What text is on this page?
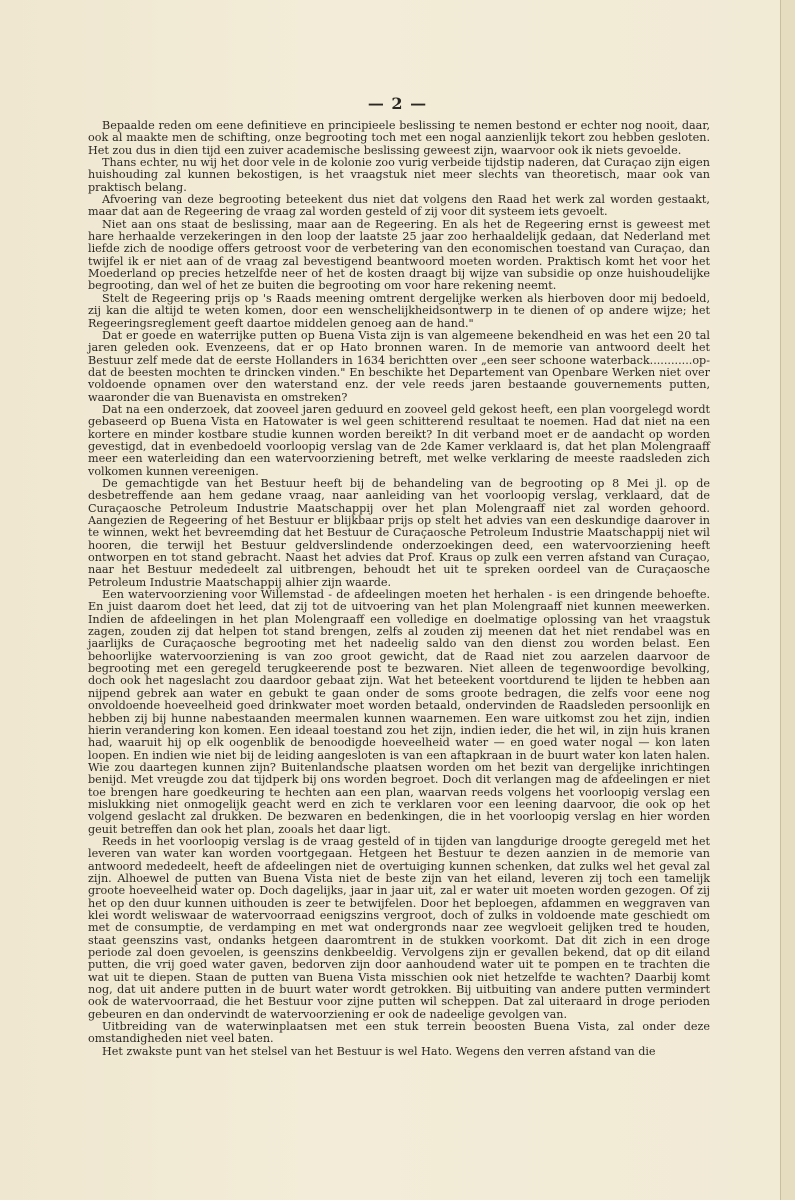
— 2 —

Bepaalde reden om eene definitieve en principieele beslissing te nemen bestond er echter nog nooit, daar, ook al maakte men de schifting, onze begrooting toch met een nogal aanzienlijk tekort zou hebben gesloten. Het zou dus in dien tijd een zuiver academische beslissing geweest zijn, waarvoor ook ik niets gevoelde.

Thans echter, nu wij het door vele in de kolonie zoo vurig verbeide tijdstip naderen, dat Curaçao zijn eigen huishouding zal kunnen bekostigen, is het vraagstuk niet meer slechts van theoretisch, maar ook van praktisch belang.

Afvoering van deze begrooting beteekent dus niet dat volgens den Raad het werk zal worden gestaakt, maar dat aan de Regeering de vraag zal worden gesteld of zij voor dit systeem iets gevoelt.

Niet aan ons staat de beslissing, maar aan de Regeering. En als het de Regeering ernst is geweest met hare herhaalde verzekeringen in den loop der laatste 25 jaar zoo herhaaldelijk gedaan, dat Nederland met liefde zich de noodige offers getroost voor de verbetering van den economischen toestand van Curaçao, dan twijfel ik er niet aan of de vraag zal bevestigend beantwoord moeten worden. Praktisch komt het voor het Moederland op precies hetzelfde neer of het de kosten draagt bij wijze van subsidie op onze huishoudelijke begrooting, dan wel of het ze buiten die begrooting om voor hare rekening neemt.

Stelt de Regeering prijs op 's Raads meening omtrent dergelijke werken als hierboven door mij bedoeld, zij kan die altijd te weten komen, door een wenschelijkheidsontwerp in te dienen of op andere wijze; het Regeeringsreglement geeft daartoe middelen genoeg aan de hand."

Dat er goede en waterrijke putten op Buena Vista zijn is van algemeene bekendheid en was het een 20 tal jaren geleden ook. Evenzeens, dat er op Hato bronnen waren. In de memorie van antwoord deelt het Bestuur zelf mede dat de eerste Hollanders in 1634 berichtten over „een seer schoone waterback............op- dat de beesten mochten te drincken vinden." En beschikte het Departement van Openbare Werken niet over voldoende opnamen over den waterstand enz. der vele reeds jaren bestaande gouvernements putten, waaronder die van Buenavista en omstreken?

Dat na een onderzoek, dat zooveel jaren geduurd en zooveel geld gekost heeft, een plan voorgelegd wordt gebaseerd op Buena Vista en Hatowater is wel geen schitterend resultaat te noemen. Had dat niet na een kortere en minder kostbare studie kunnen worden bereikt? In dit verband moet er de aandacht op worden gevestigd, dat in evenbedoeld voorloopig verslag van de 2de Kamer verklaard is, dat het plan Molengraaff meer een waterleiding dan een watervoorziening betreft, met welke verklaring de meeste raadsleden zich volkomen kunnen vereenigen.

De gemachtigde van het Bestuur heeft bij de behandeling van de begrooting op 8 Mei jl. op de desbetreffende aan hem gedane vraag, naar aanleiding van het voorloopig verslag, verklaard, dat de Curaçaosche Petroleum Industrie Maatschappij over het plan Molengraaff niet zal worden gehoord. Aangezien de Regeering of het Bestuur er blijkbaar prijs op stelt het advies van een deskundige daarover in te winnen, wekt het bevreemding dat het Bestuur de Curaçaosche Petroleum Industrie Maatschappij niet wil hooren, die terwijl het Bestuur geldverslindende onderzoekingen deed, een watervoorziening heeft ontworpen en tot stand gebracht. Naast het advies dat Prof. Kraus op zulk een verren afstand van Curaçao, naar het Bestuur mededeelt zal uitbrengen, behoudt het uit te spreken oordeel van de Curaçaosche Petroleum Industrie Maatschappij alhier zijn waarde.

Een watervoorziening voor Willemstad - de afdeelingen moeten het herhalen - is een dringende behoefte. En juist daarom doet het leed, dat zij tot de uitvoering van het plan Molengraaff niet kunnen meewerken. Indien de afdeelingen in het plan Molengraaff een volledige en doelmatige oplossing van het vraagstuk zagen, zouden zij dat helpen tot stand brengen, zelfs al zouden zij meenen dat het niet rendabel was en jaarlijks de Curaçaosche begrooting met het nadeelig saldo van den dienst zou worden belast. Een behoorlijke watervoorziening is van zoo groot gewicht, dat de Raad niet zou aarzelen daarvoor de begrooting met een geregeld terugkeerende post te bezwaren. Niet alleen de tegenwoordige bevolking, doch ook het nageslacht zou daardoor gebaat zijn. Wat het beteekent voortdurend te lijden te hebben aan nijpend gebrek aan water en gebukt te gaan onder de soms groote bedragen, die zelfs voor eene nog onvoldoende hoeveelheid goed drinkwater moet worden betaald, ondervinden de Raadsleden persoonlijk en hebben zij bij hunne nabestaanden meermalen kunnen waarnemen. Een ware uitkomst zou het zijn, indien hierin verandering kon komen. Een ideaal toestand zou het zijn, indien ieder, die het wil, in zijn huis kranen had, waaruit hij op elk oogenblik de benoodigde hoeveelheid water — en goed water nogal — kon laten loopen. En indien wie niet bij de leiding aangesloten is van een aftapkraan in de buurt water kon laten halen. Wie zou daartegen kunnen zijn? Buitenlandsche plaatsen worden om het bezit van dergelijke inrichtingen benijd. Met vreugde zou dat tijdperk bij ons worden begroet. Doch dit verlangen mag de afdeelingen er niet toe brengen hare goedkeuring te hechten aan een plan, waarvan reeds volgens het voorloopig verslag een mislukking niet onmogelijk geacht werd en zich te verklaren voor een leening daarvoor, die ook op het volgend geslacht zal drukken. De bezwaren en bedenkingen, die in het voorloopig verslag en hier worden geuit betreffen dan ook het plan, zooals het daar ligt.

Reeds in het voorloopig verslag is de vraag gesteld of in tijden van langdurige droogte geregeld met het leveren van water kan worden voortgegaan. Hetgeen het Bestuur te dezen aanzien in de memorie van antwoord mededeelt, heeft de afdeelingen niet de overtuiging kunnen schenken, dat zulks wel het geval zal zijn. Alhoewel de putten van Buena Vista niet de beste zijn van het eiland, leveren zij toch een tamelijk groote hoeveelheid water op. Doch dagelijks, jaar in jaar uit, zal er water uit moeten worden gezogen. Of zij het op den duur kunnen uithouden is zeer te betwijfelen. Door het beploegen, afdammen en weggraven van klei wordt weliswaar de watervoorraad eenigszins vergroot, doch of zulks in voldoende mate geschiedt om met de consumptie, de verdamping en met wat ondergronds naar zee wegvloeit gelijken tred te houden, staat geenszins vast, ondanks hetgeen daaromtrent in de stukken voorkomt. Dat dit zich in een droge periode zal doen gevoelen, is geenszins denkbeeldig. Vervolgens zijn er gevallen bekend, dat op dit eiland putten, die vrij goed water gaven, bedorven zijn door aanhoudend water uit te pompen en te trachten die wat uit te diepen. Staan de putten van Buena Vista misschien ook niet hetzelfde te wachten? Daarbij komt nog, dat uit andere putten in de buurt water wordt getrokken. Bij uitbuiting van andere putten vermindert ook de watervoorraad, die het Bestuur voor zijne putten wil scheppen. Dat zal uiteraard in droge perioden gebeuren en dan ondervindt de watervoorziening er ook de nadeelige gevolgen van.

Uitbreiding van de waterwinplaatsen met een stuk terrein beoosten Buena Vista, zal onder deze omstandigheden niet veel baten.

Het zwakste punt van het stelsel van het Bestuur is wel Hato. Wegens den verren afstand van die
